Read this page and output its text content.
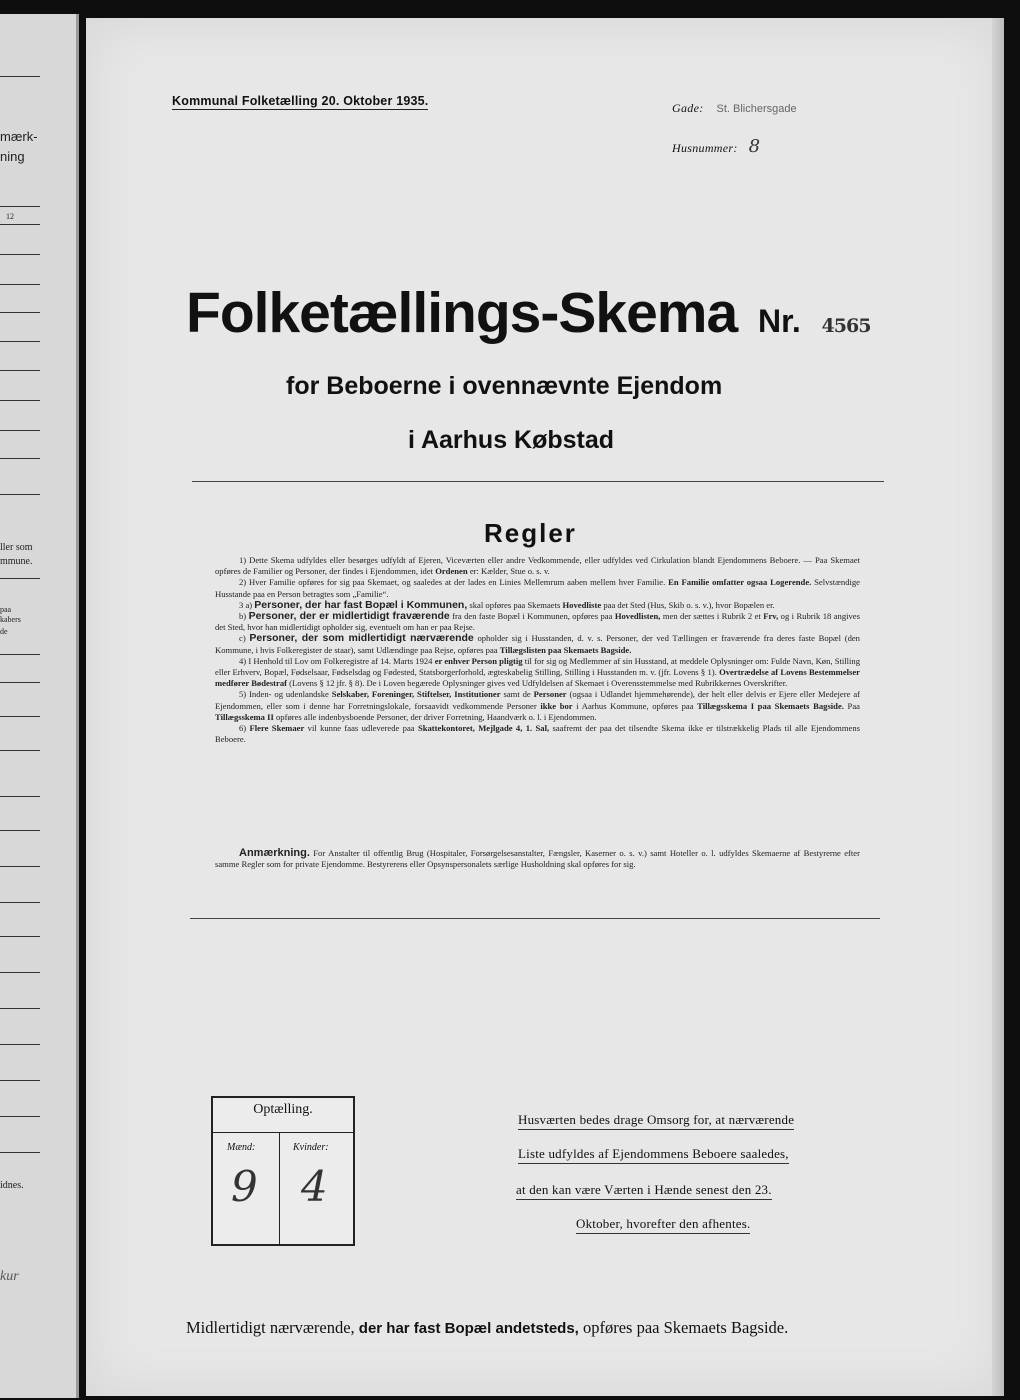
mærk-
ning
12
ller som
mmune.
paa
kabers
de
idnes.
kur
Kommunal Folketælling 20. Oktober 1935.	Gade: St. Blichersgade
Husnummer: 8
Folketællings-Skema Nr. 4565
for Beboerne i ovennævnte Ejendom
i Aarhus Købstad
Regler

1) Dette Skema udfyldes eller besørges udfyldt af Ejeren, Viceværten eller andre Vedkommende, eller udfyldes ved Cirkulation blandt Ejendommens Beboere. — Paa Skemaet opføres de Familier og Personer, der findes i Ejendommen, idet Ordenen er: Kælder, Stue o. s. v.

2) Hver Familie opføres for sig paa Skemaet, og saaledes at der lades en Linies Mellemrum aaben mellem hver Familie. En Familie omfatter ogsaa Logerende. Selvstændige Husstande paa en Person betragtes som „Familie“.

3 a) Personer, der har fast Bopæl i Kommunen, skal opføres paa Skemaets Hovedliste paa det Sted (Hus, Skib o. s. v.), hvor Bopælen er.

b) Personer, der er midlertidigt fraværende fra den faste Bopæl i Kommunen, opføres paa Hovedlisten, men der sættes i Rubrik 2 et Frv, og i Rubrik 18 angives det Sted, hvor han midlertidigt opholder sig, eventuelt om han er paa Rejse.

c) Personer, der som midlertidigt nærværende opholder sig i Husstanden, d. v. s. Personer, der ved Tællingen er fraværende fra deres faste Bopæl (den Kommune, i hvis Folkeregister de staar), samt Udlændinge paa Rejse, opføres paa Tillægslisten paa Skemaets Bagside.

4) I Henhold til Lov om Folkeregistre af 14. Marts 1924 er enhver Person pligtig til for sig og Medlemmer af sin Husstand, at meddele Oplysninger om: Fulde Navn, Køn, Stilling eller Erhverv, Bopæl, Fødselsaar, Fødselsdag og Fødested, Statsborgerforhold, ægteskabelig Stilling, Stilling i Husstanden m. v. (jfr. Lovens § 1). Overtrædelse af Lovens Bestemmelser medfører Bødestraf (Lovens § 12 jfr. § 8). De i Loven begærede Oplysninger gives ved Udfyldelsen af Skemaet i Overensstemmelse med Rubrikkernes Overskrifter.

5) Inden- og udenlandske Selskaber, Foreninger, Stiftelser, Institutioner samt de Personer (ogsaa i Udlandet hjemmehørende), der helt eller delvis er Ejere eller Medejere af Ejendommen, eller som i denne har Forretningslokale, forsaavidt vedkommende Personer ikke bor i Aarhus Kommune, opføres paa Tillægsskema I paa Skemaets Bagside. Paa Tillægsskema II opføres alle indenbysboende Personer, der driver Forretning, Haandværk o. l. i Ejendommen.

6) Flere Skemaer vil kunne faas udleverede paa Skattekontoret, Mejlgade 4, 1. Sal, saafremt der paa det tilsendte Skema ikke er tilstrækkelig Plads til alle Ejendommens Beboere.

Anmærkning. For Anstalter til offentlig Brug (Hospitaler, Forsørgelsesanstalter, Fængsler, Kaserner o. s. v.) samt Hoteller o. l. udfyldes Skemaerne af Bestyrerne efter samme Regler som for private Ejendomme. Bestyrerens eller Opsynspersonalets særlige Husholdning skal opføres for sig.
Optælling.
Mænd:	Kvinder:
9 4
Husværten bedes drage Omsorg for, at nærværende
Liste udfyldes af Ejendommens Beboere saaledes,
at den kan være Værten i Hænde senest den 23.
Oktober, hvorefter den afhentes.
Midlertidigt nærværende, der har fast Bopæl andetsteds, opføres paa Skemaets Bagside.
